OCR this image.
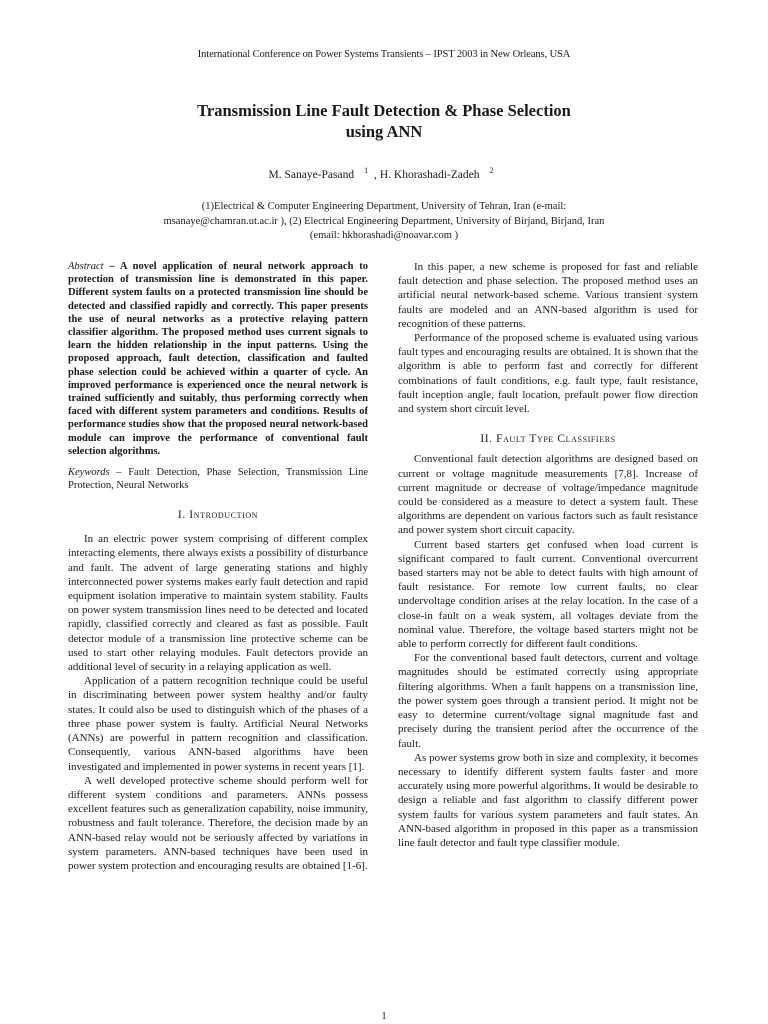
International Conference on Power Systems Transients – IPST 2003 in New Orleans, USA
Transmission Line Fault Detection & Phase Selection
using ANN
M. Sanaye-Pasand $^1$ , H. Khorashadi-Zadeh $^2$
(1)Electrical & Computer Engineering Department, University of Tehran, Iran (e-mail:
msanaye@chamran.ut.ac.ir ), (2) Electrical Engineering Department, University of Birjand, Birjand, Iran
(email: hkhorashadi@noavar.com )
Abstract – A novel application of neural network approach to protection of transmission line is demonstrated in this paper. Different system faults on a protected transmission line should be detected and classified rapidly and correctly. This paper presents the use of neural networks as a protective relaying pattern classifier algorithm. The proposed method uses current signals to learn the hidden relationship in the input patterns. Using the proposed approach, fault detection, classification and faulted phase selection could be achieved within a quarter of cycle. An improved performance is experienced once the neural network is trained sufficiently and suitably, thus performing correctly when faced with different system parameters and conditions. Results of performance studies show that the proposed neural network-based module can improve the performance of conventional fault selection algorithms.
Keywords – Fault Detection, Phase Selection, Transmission Line Protection, Neural Networks
I. Introduction

In an electric power system comprising of different complex interacting elements, there always exists a possibility of disturbance and fault. The advent of large generating stations and highly interconnected power systems makes early fault detection and rapid equipment isolation imperative to maintain system stability. Faults on power system transmission lines need to be detected and located rapidly, classified correctly and cleared as fast as possible. Fault detector module of a transmission line protective scheme can be used to start other relaying modules. Fault detectors provide an additional level of security in a relaying application as well.

Application of a pattern recognition technique could be useful in discriminating between power system healthy and/or faulty states. It could also be used to distinguish which of the phases of a three phase power system is faulty. Artificial Neural Networks (ANNs) are powerful in pattern recognition and classification. Consequently, various ANN-based algorithms have been investigated and implemented in power systems in recent years [1].

A well developed protective scheme should perform well for different system conditions and parameters. ANNs possess excellent features such as generalization capability, noise immunity, robustness and fault tolerance. Therefore, the decision made by an ANN-based relay would not be seriously affected by variations in system parameters. ANN-based techniques have been used in power system protection and encouraging results are obtained [1-6].

In this paper, a new scheme is proposed for fast and reliable fault detection and phase selection. The proposed method uses an artificial neural network-based scheme. Various transient system faults are modeled and an ANN-based algorithm is used for recognition of these patterns.

Performance of the proposed scheme is evaluated using various fault types and encouraging results are obtained. It is shown that the algorithm is able to perform fast and correctly for different combinations of fault conditions, e.g. fault type, fault resistance, fault inception angle, fault location, prefault power flow direction and system short circuit level.

II. Fault Type Classifiers

Conventional fault detection algorithms are designed based on current or voltage magnitude measurements [7,8]. Increase of current magnitude or decrease of voltage/impedance magnitude could be considered as a measure to detect a system fault. These algorithms are dependent on various factors such as fault resistance and power system short circuit capacity.

Current based starters get confused when load current is significant compared to fault current. Conventional overcurrent based starters may not be able to detect faults with high amount of fault resistance. For remote low current faults, no clear undervoltage condition arises at the relay location. In the case of a close-in fault on a weak system, all voltages deviate from the nominal value. Therefore, the voltage based starters might not be able to perform correctly for different fault conditions.

For the conventional based fault detectors, current and voltage magnitudes should be estimated correctly using appropriate filtering algorithms. When a fault happens on a transmission line, the power system goes through a transient period. It might not be easy to determine current/voltage signal magnitude fast and precisely during the transient period after the occurrence of the fault.

As power systems grow both in size and complexity, it becomes necessary to identify different system faults faster and more accurately using more powerful algorithms. It would be desirable to design a reliable and fast algorithm to classify different power system faults for various system parameters and fault states. An ANN-based algorithm in proposed in this paper as a transmission line fault detector and fault type classifier module.

1
